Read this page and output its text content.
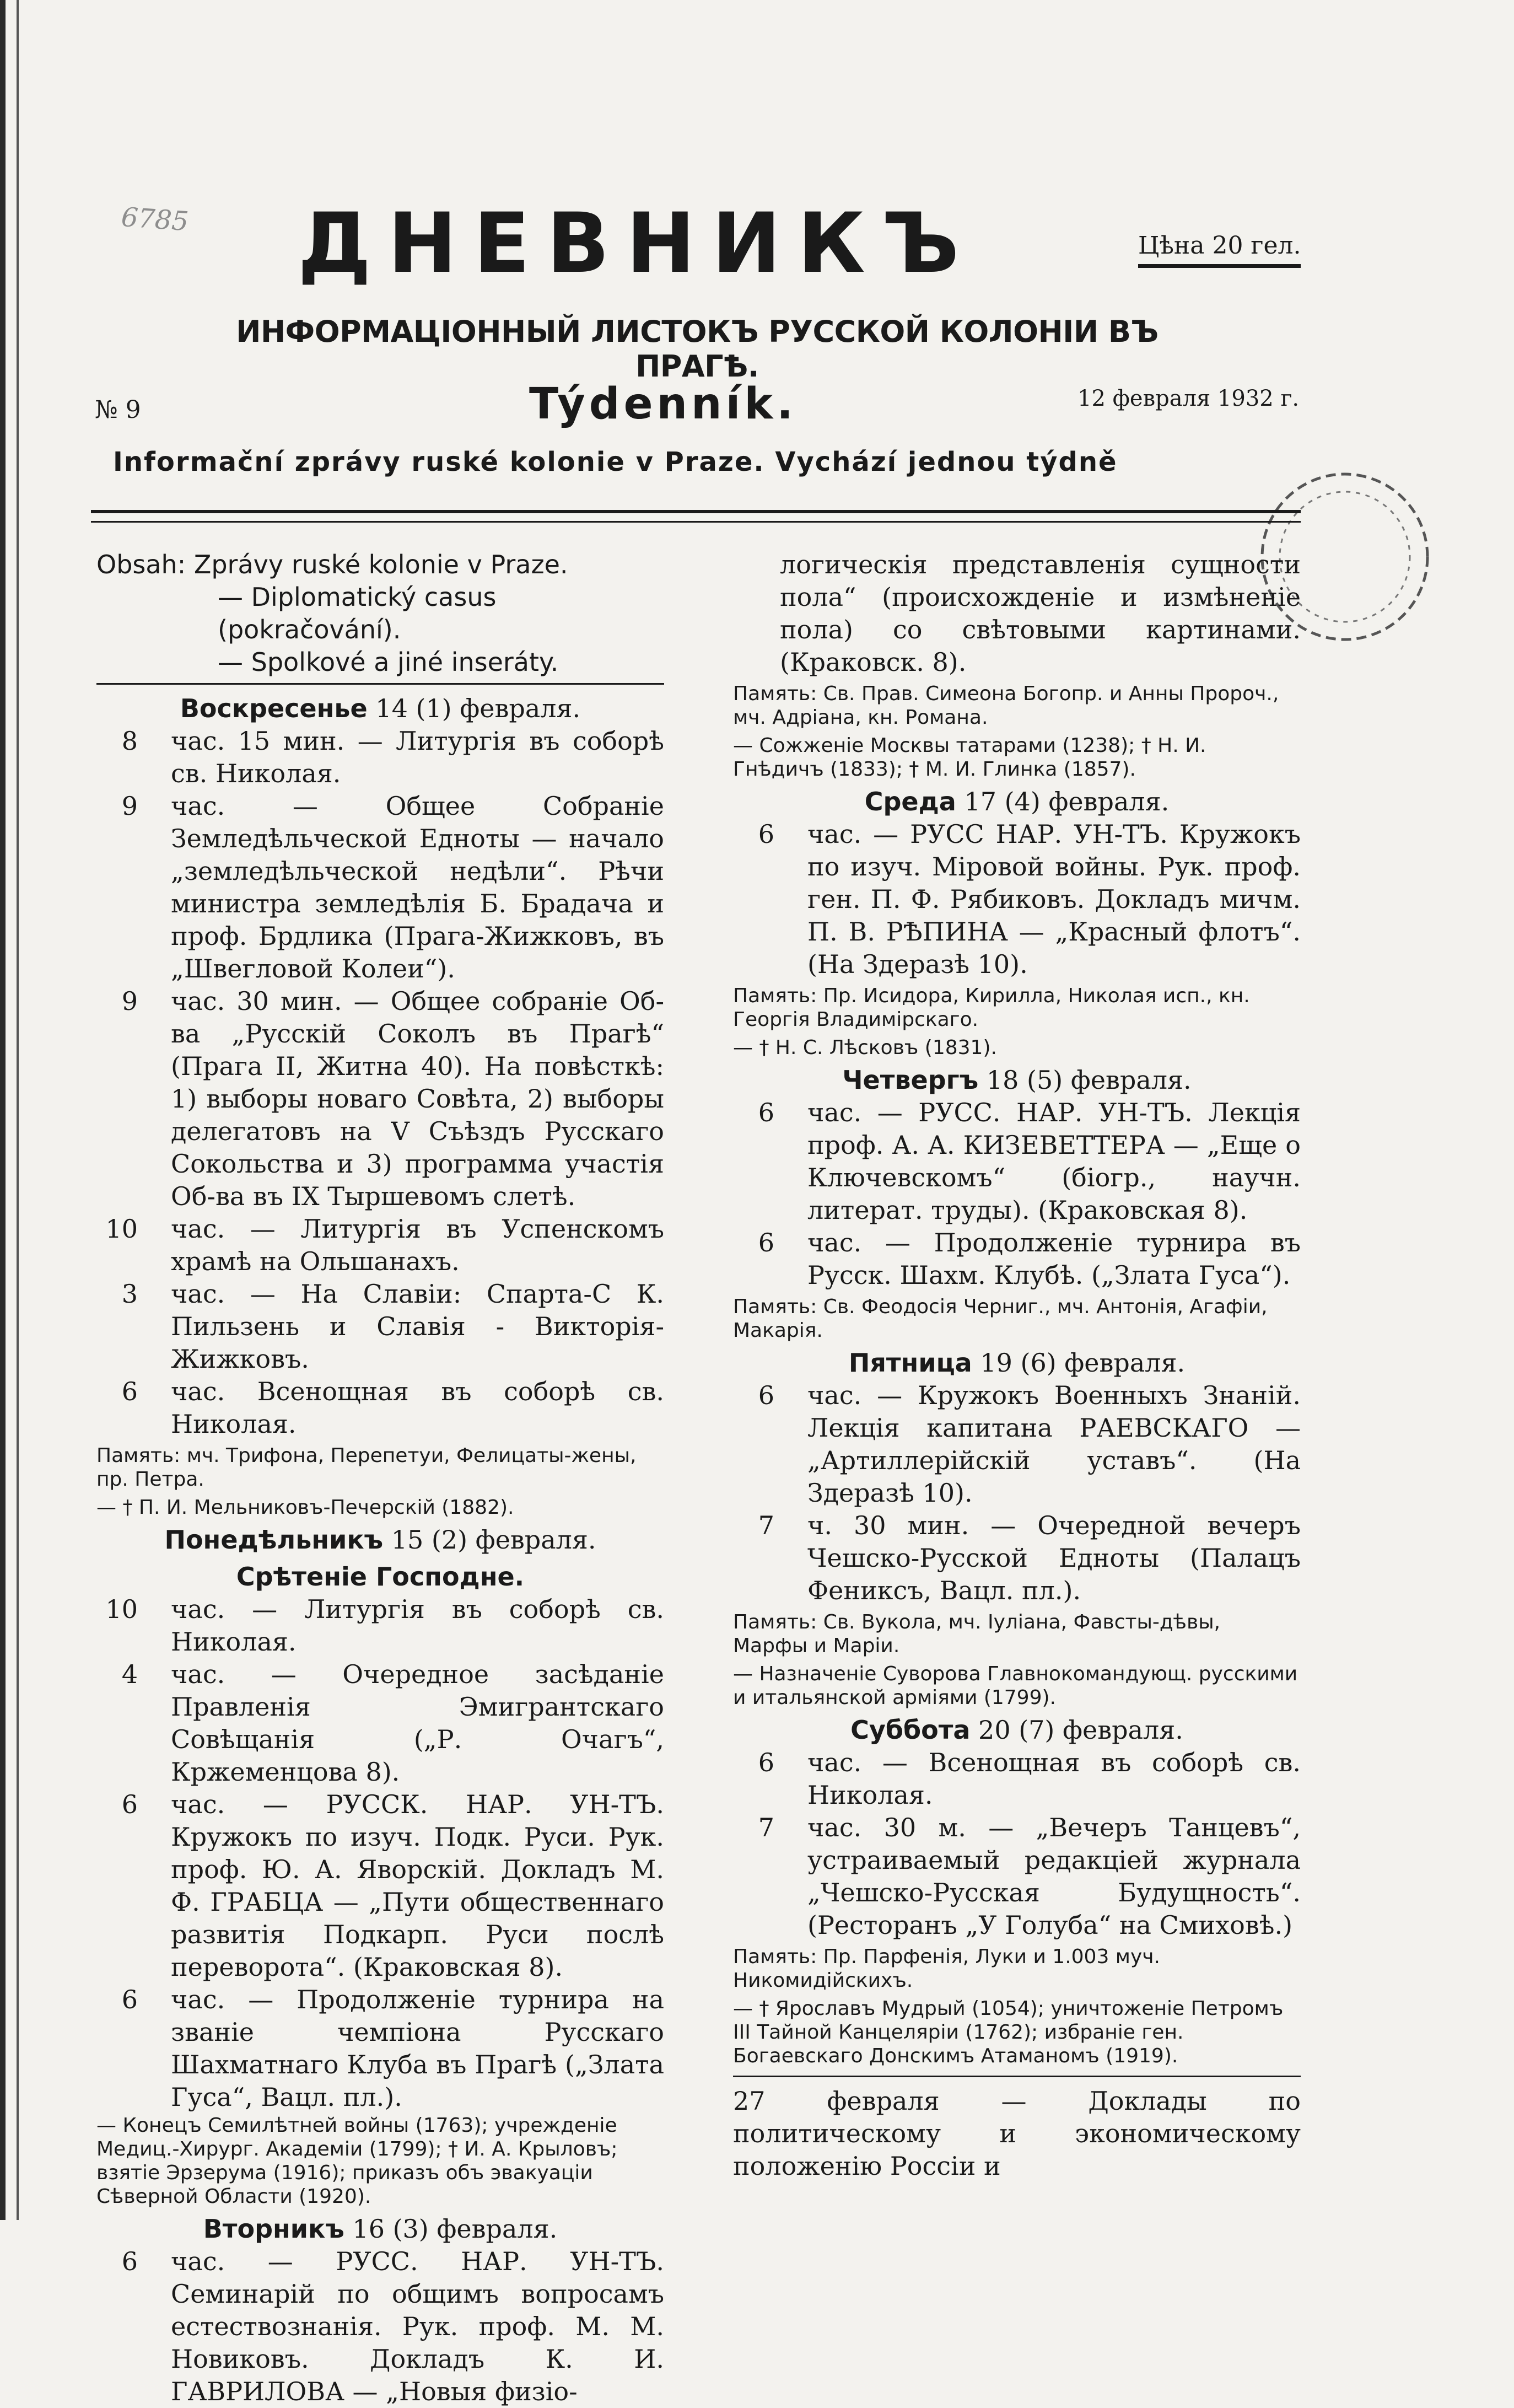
6785 ДНЕВНИКЪ	Цѣна 20 гел.
ИНФОРМАЦІОННЫЙ ЛИСТОКЪ РУССКОЙ КОЛОНІИ ВЪ ПРАГѢ.
№ 9	Týdenník.	12 февраля 1932 г.
Informační zprávy ruské kolonie v Praze. Vychází jednou týdně
Obsah: Zprávy ruské kolonie v Praze.
— Diplomatický casus (pokračování).
— Spolkové a jiné inseráty.
Воскресенье 14 (1) февраля.
8	час. 15 мин. — Литургія въ соборѣ св. Николая.
9	час. — Общее Собраніе Земледѣльческой Едноты — начало „земледѣльческой недѣли“. Рѣчи министра земледѣлія Б. Брадача и проф. Брдлика (Прага-Жижковъ, въ „Швегловой Колеи“).
9	час. 30 мин. — Общее собраніе Об-ва „Русскій Соколъ въ Прагѣ“ (Прага II, Житна 40). На повѣсткѣ: 1) выборы новаго Совѣта, 2) выборы делегатовъ на V Съѣздъ Русскаго Сокольства и 3) программа участія Об-ва въ IX Тыршевомъ слетѣ.
10	час. — Литургія въ Успенскомъ храмѣ на Ольшанахъ.
3	час. — На Славіи: Спарта-С К. Пильзень и Славія - Викторія-Жижковъ.
6	час. Всенощная въ соборѣ св. Николая.
Память: мч. Трифона, Перепетуи, Фелицаты-жены, пр. Петра.
— † П. И. Мельниковъ-Печерскій (1882).
Понедѣльникъ 15 (2) февраля.
Срѣтеніе Господне.
10	час. — Литургія въ соборѣ св. Николая.
4	час. — Очередное засѣданіе Правленія Эмигрантскаго Совѣщанія („Р. Очагъ“, Кржеменцова 8).
6	час. — РУССК. НАР. УН-ТЪ. Кружокъ по изуч. Подк. Руси. Рук. проф. Ю. А. Яворскій. Докладъ М. Ф. ГРАБЦА — „Пути общественнаго развитія Подкарп. Руси послѣ переворота“. (Краковская 8).
6	час. — Продолженіе турнира на званіе чемпіона Русскаго Шахматнаго Клуба въ Прагѣ („Злата Гуса“, Вацл. пл.).
— Конецъ Семилѣтней войны (1763); учрежденіе Медиц.-Хирург. Академіи (1799); † И. А. Крыловъ; взятіе Эрзерума (1916); приказъ объ эвакуаціи Сѣверной Области (1920).
Вторникъ 16 (3) февраля.
6	час. — РУСС. НАР. УН-ТЪ. Семинарій по общимъ вопросамъ естествознанія. Рук. проф. М. М. Новиковъ. Докладъ К. И. ГАВРИЛОВА — „Новыя физіо-
логическія представленія сущности пола“ (происхожденіе и измѣненіе пола) со свѣтовыми картинами. (Краковск. 8).
Память: Св. Прав. Симеона Богопр. и Анны Пророч., мч. Адріана, кн. Романа.
— Сожженіе Москвы татарами (1238); † Н. И. Гнѣдичъ (1833); † М. И. Глинка (1857).
Среда 17 (4) февраля.
6	час. — РУСС НАР. УН-ТЪ. Кружокъ по изуч. Міровой войны. Рук. проф. ген. П. Ф. Рябиковъ. Докладъ мичм. П. В. РѢПИНА — „Красный флотъ“. (На Здеразѣ 10).
Память: Пр. Исидора, Кирилла, Николая исп., кн. Георгія Владимірскаго.
— † Н. С. Лѣсковъ (1831).
Четвергъ 18 (5) февраля.
6	час. — РУСС. НАР. УН-ТЪ. Лекція проф. А. А. КИЗЕВЕТТЕРА — „Еще о Ключевскомъ“ (біогр., научн. литерат. труды). (Краковская 8).
6	час. — Продолженіе турнира въ Русск. Шахм. Клубѣ. („Злата Гуса“).
Память: Св. Феодосія Черниг., мч. Антонія, Агафіи, Макарія.
Пятница 19 (6) февраля.
6	час. — Кружокъ Военныхъ Знаній. Лекція капитана РАЕВСКАГО — „Артиллерійскій уставъ“. (На Здеразѣ 10).
7	ч. 30 мин. — Очередной вечеръ Чешско-Русской Едноты (Палацъ Фениксъ, Вацл. пл.).
Память: Св. Вукола, мч. Іуліана, Фавсты-дѣвы, Марфы и Маріи.
— Назначеніе Суворова Главнокомандующ. русскими и итальянской арміями (1799).
Суббота 20 (7) февраля.
6	час. — Всенощная въ соборѣ св. Николая.
7	час. 30 м. — „Вечеръ Танцевъ“, устраиваемый редакціей журнала „Чешско-Русская Будущность“. (Ресторанъ „У Голуба“ на Смиховѣ.)
Память: Пр. Парфенія, Луки и 1.003 муч. Никомидійскихъ.
— † Ярославъ Мудрый (1054); уничтоженіе Петромъ III Тайной Канцеляріи (1762); избраніе ген. Богаевскаго Донскимъ Атаманомъ (1919).
27 февраля — Доклады по политическому и экономическому положенію Россіи и
